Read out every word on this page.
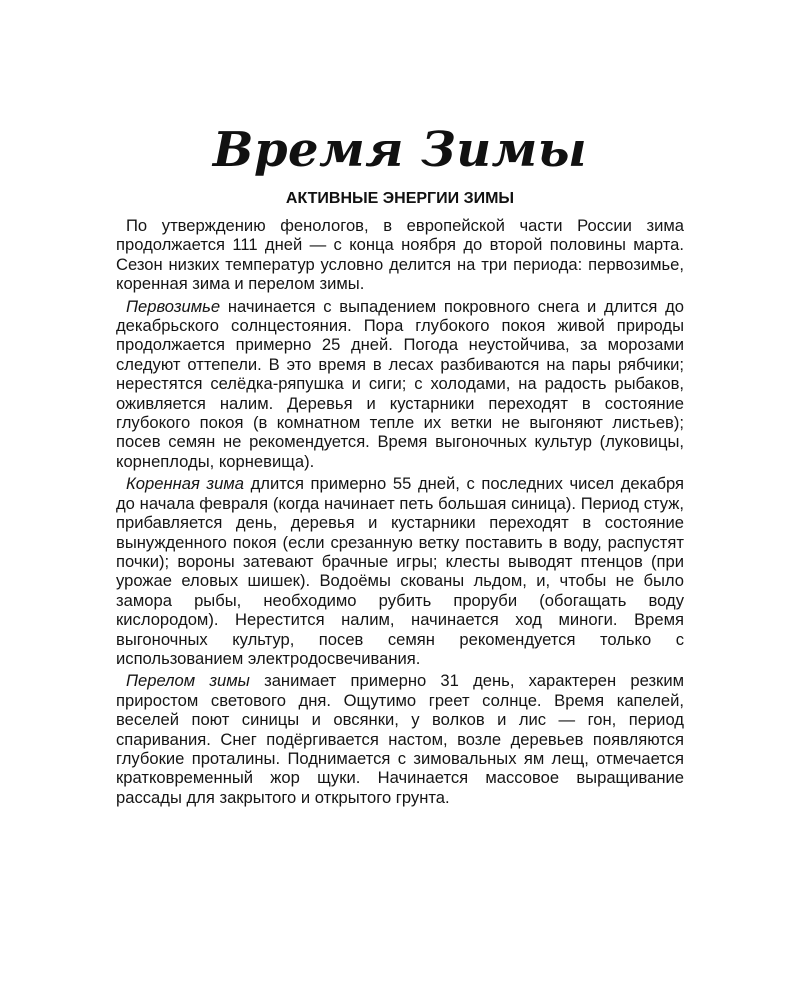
Время Зимы
АКТИВНЫЕ ЭНЕРГИИ ЗИМЫ

По утверждению фенологов, в европейской части России зима продолжается 111 дней — с конца ноября до второй половины марта. Сезон низких температур условно делится на три периода: первозимье, коренная зима и перелом зимы.

Первозимье начинается с выпадением покровного снега и длится до декабрьского солнцестояния. Пора глубокого покоя живой природы продолжается примерно 25 дней. Погода неустойчива, за морозами следуют оттепели. В это время в лесах разбиваются на пары рябчики; нерестятся селёдка-ряпушка и сиги; с холодами, на радость рыбаков, оживляется налим. Деревья и кустарники переходят в состояние глубокого покоя (в комнатном тепле их ветки не выгоняют листьев); посев семян не рекомендуется. Время выгоночных культур (луковицы, корнеплоды, корневища).

Коренная зима длится примерно 55 дней, с последних чисел декабря до начала февраля (когда начинает петь большая синица). Период стуж, прибавляется день, деревья и кустарники переходят в состояние вынужденного покоя (если срезанную ветку поставить в воду, распустят почки); вороны затевают брачные игры; клесты выводят птенцов (при урожае еловых шишек). Водоёмы скованы льдом, и, чтобы не было замора рыбы, необходимо рубить проруби (обогащать воду кислородом). Нерестится налим, начинается ход миноги. Время выгоночных культур, посев семян рекомендуется только с использованием электродосвечивания.

Перелом зимы занимает примерно 31 день, характерен резким приростом светового дня. Ощутимо греет солнце. Время капелей, веселей поют синицы и овсянки, у волков и лис — гон, период спаривания. Снег подёргивается настом, возле деревьев появляются глубокие проталины. Поднимается с зимовальных ям лещ, отмечается кратковременный жор щуки. Начинается массовое выращивание рассады для закрытого и открытого грунта.
